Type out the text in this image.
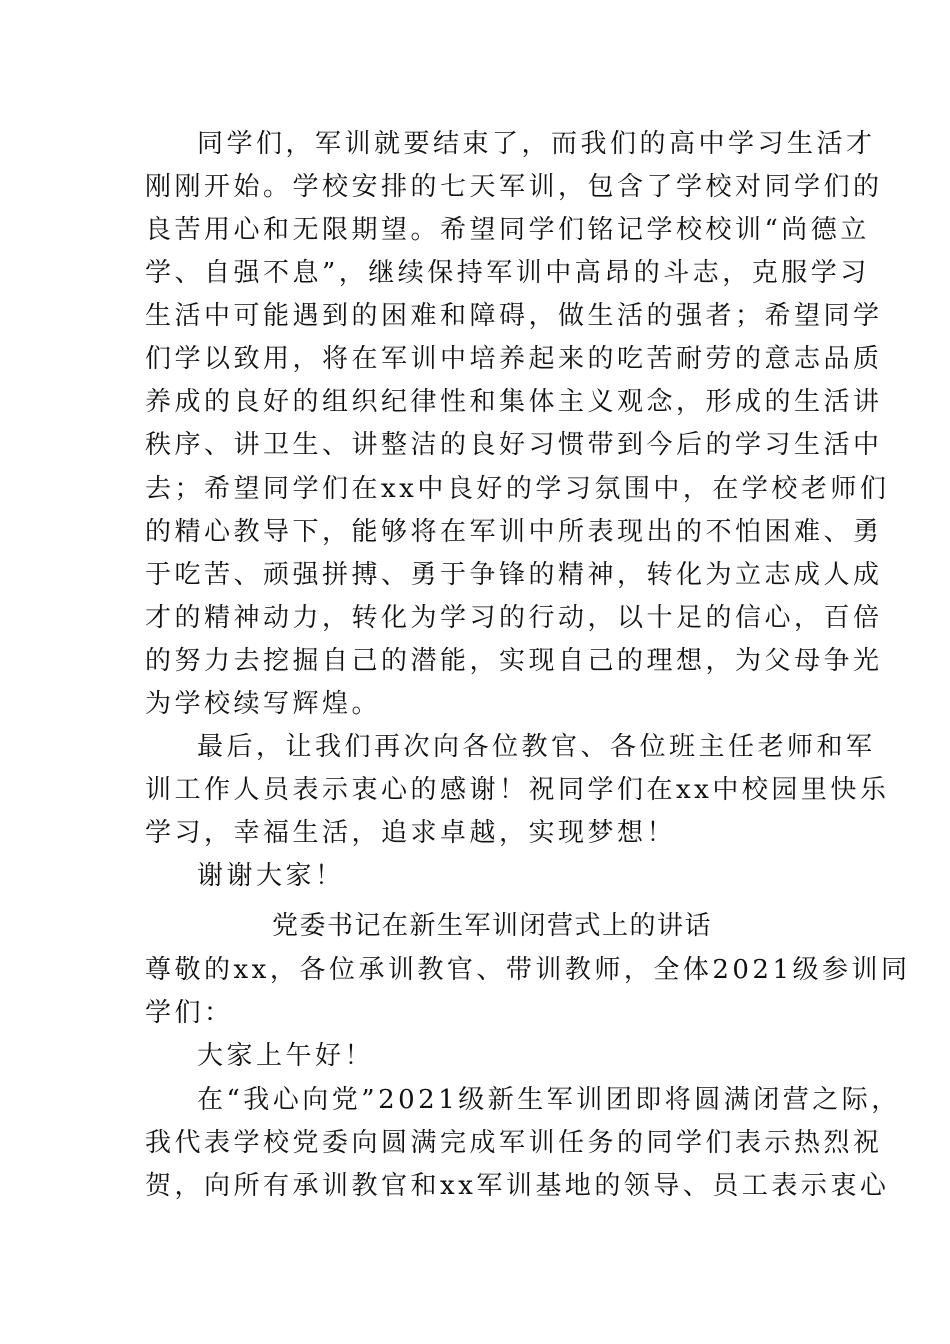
同学们，军训就要结束了，而我们的高中学习生活才
刚刚开始。学校安排的七天军训，包含了学校对同学们的
良苦用心和无限期望。希望同学们铭记学校校训“尚德立
学、自强不息”，继续保持军训中高昂的斗志，克服学习
生活中可能遇到的困难和障碍，做生活的强者；希望同学
们学以致用，将在军训中培养起来的吃苦耐劳的意志品质
养成的良好的组织纪律性和集体主义观念，形成的生活讲
秩序、讲卫生、讲整洁的良好习惯带到今后的学习生活中
去；希望同学们在xx中良好的学习氛围中，在学校老师们
的精心教导下，能够将在军训中所表现出的不怕困难、勇
于吃苦、顽强拼搏、勇于争锋的精神，转化为立志成人成
才的精神动力，转化为学习的行动，以十足的信心，百倍
的努力去挖掘自己的潜能，实现自己的理想，为父母争光
为学校续写辉煌。
最后，让我们再次向各位教官、各位班主任老师和军
训工作人员表示衷心的感谢！祝同学们在xx中校园里快乐
学习，幸福生活，追求卓越，实现梦想！
谢谢大家！
党委书记在新生军训闭营式上的讲话
尊敬的xx，各位承训教官、带训教师，全体2021级参训同
学们：
大家上午好！
在“我心向党”2021级新生军训团即将圆满闭营之际，
我代表学校党委向圆满完成军训任务的同学们表示热烈祝
贺，向所有承训教官和xx军训基地的领导、员工表示衷心
